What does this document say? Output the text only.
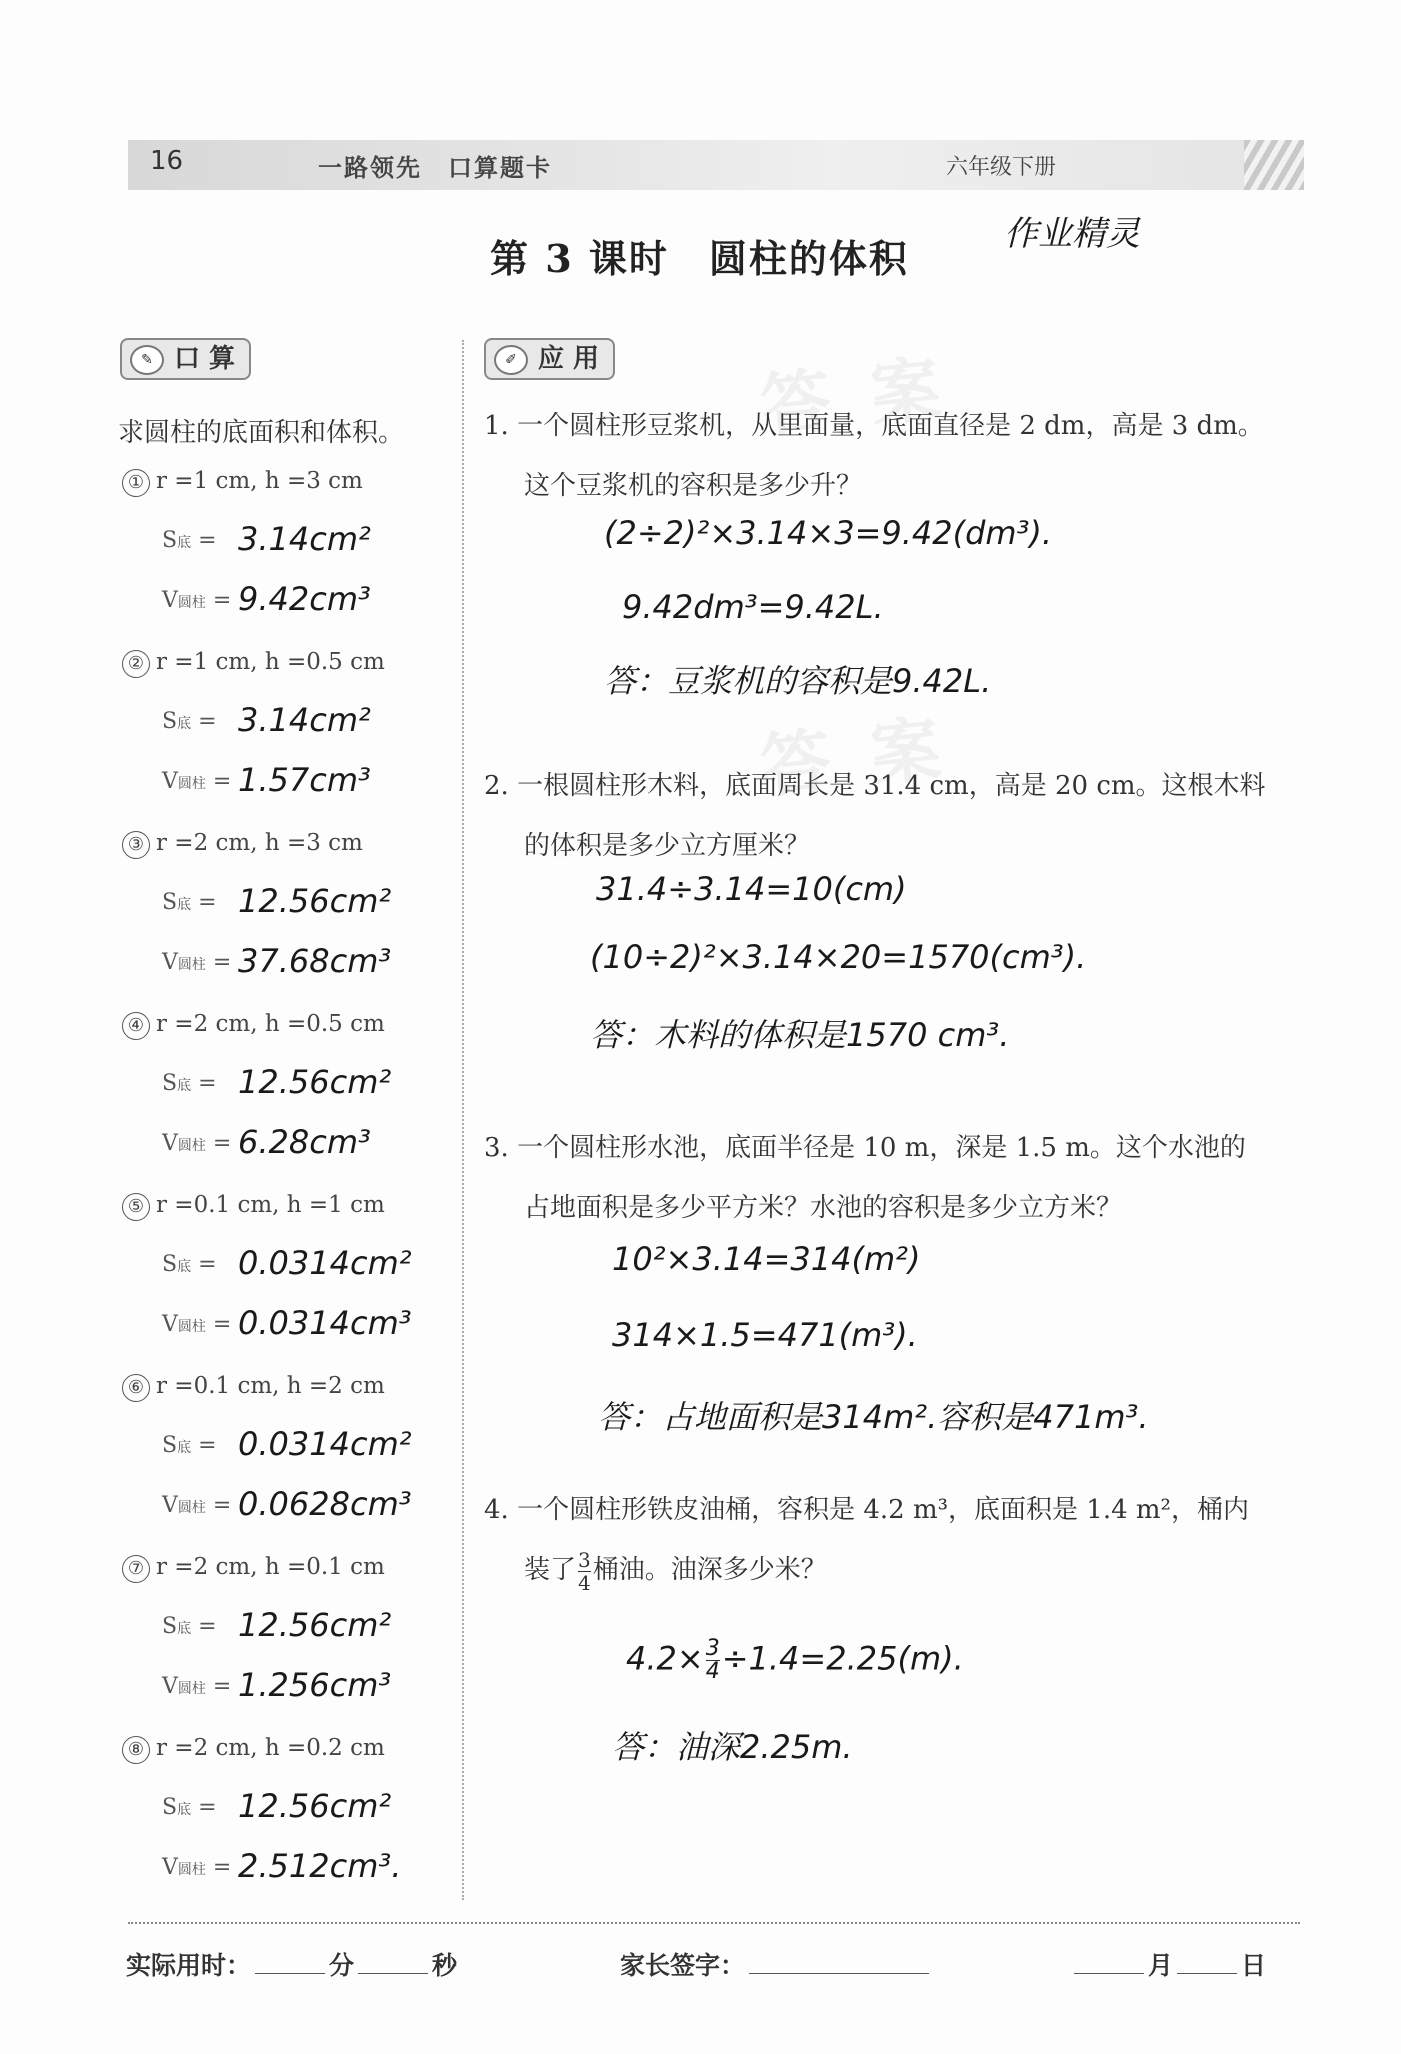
16	一路领先　口算题卡	六年级下册
第 3 课时　圆柱的体积
作业精灵
答案
答案
✎ 口 算
求圆柱的底面积和体积。
① r =1 cm, h =3 cm
S底 = 3.14cm²
V圆柱 = 9.42cm³
② r =1 cm, h =0.5 cm
S底 = 3.14cm²
V圆柱 = 1.57cm³
③ r =2 cm, h =3 cm
S底 = 12.56cm²
V圆柱 = 37.68cm³
④ r =2 cm, h =0.5 cm
S底 = 12.56cm²
V圆柱 = 6.28cm³
⑤ r =0.1 cm, h =1 cm
S底 = 0.0314cm²
V圆柱 = 0.0314cm³
⑥ r =0.1 cm, h =2 cm
S底 = 0.0314cm²
V圆柱 = 0.0628cm³
⑦ r =2 cm, h =0.1 cm
S底 = 12.56cm²
V圆柱 = 1.256cm³
⑧ r =2 cm, h =0.2 cm
S底 = 12.56cm²
V圆柱 = 2.512cm³.
✐ 应 用
1. 一个圆柱形豆浆机，从里面量，底面直径是 2 dm，高是 3 dm。
这个豆浆机的容积是多少升？
(2÷2)²×3.14×3=9.42(dm³).
9.42dm³=9.42L.
答：豆浆机的容积是9.42L.
2. 一根圆柱形木料，底面周长是 31.4 cm，高是 20 cm。这根木料
的体积是多少立方厘米？
31.4÷3.14=10(cm)
(10÷2)²×3.14×20=1570(cm³).
答：木料的体积是1570 cm³.
3. 一个圆柱形水池，底面半径是 10 m，深是 1.5 m。这个水池的
占地面积是多少平方米？水池的容积是多少立方米？
10²×3.14=314(m²)
314×1.5=471(m³).
答：占地面积是314m².容积是471m³.
4. 一个圆柱形铁皮油桶，容积是 4.2 m³，底面积是 1.4 m²，桶内
装了 $\frac{3}{4}$ 桶油。油深多少米？
$4.2\times \frac{3}{4} \div 1.4=2.25(m)$.
答：油深2.25m.
实际用时：	分	秒	家长签字：	月	日
